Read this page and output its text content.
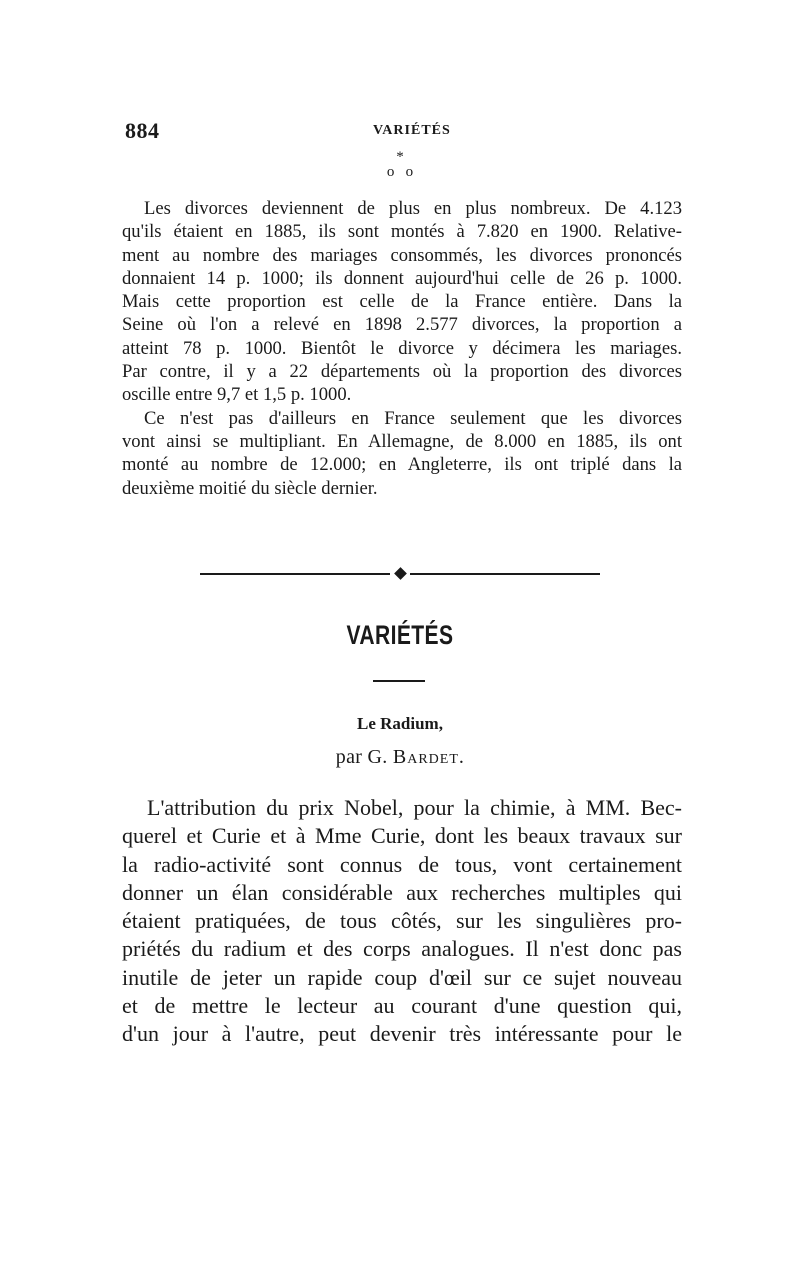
884	VARIÉTÉS
*
o   o
Les divorces deviennent de plus en plus nombreux. De 4.123
qu'ils étaient en 1885, ils sont montés à 7.820 en 1900. Relative-
ment au nombre des mariages consommés, les divorces prononcés
donnaient 14 p. 1000; ils donnent aujourd'hui celle de 26 p. 1000.
Mais cette proportion est celle de la France entière. Dans la
Seine où l'on a relevé en 1898 2.577 divorces, la proportion a
atteint 78 p. 1000. Bientôt le divorce y décimera les mariages.
Par contre, il y a 22 départements où la proportion des divorces
oscille entre 9,7 et 1,5 p. 1000.
Ce n'est pas d'ailleurs en France seulement que les divorces
vont ainsi se multipliant. En Allemagne, de 8.000 en 1885, ils ont
monté au nombre de 12.000; en Angleterre, ils ont triplé dans la
deuxième moitié du siècle dernier.
VARIÉTÉS
Le Radium,
par G. Bardet.
L'attribution du prix Nobel, pour la chimie, à MM. Bec-
querel et Curie et à Mme Curie, dont les beaux travaux sur
la radio-activité sont connus de tous, vont certainement
donner un élan considérable aux recherches multiples qui
étaient pratiquées, de tous côtés, sur les singulières pro-
priétés du radium et des corps analogues. Il n'est donc pas
inutile de jeter un rapide coup d'œil sur ce sujet nouveau
et de mettre le lecteur au courant d'une question qui,
d'un jour à l'autre, peut devenir très intéressante pour le
